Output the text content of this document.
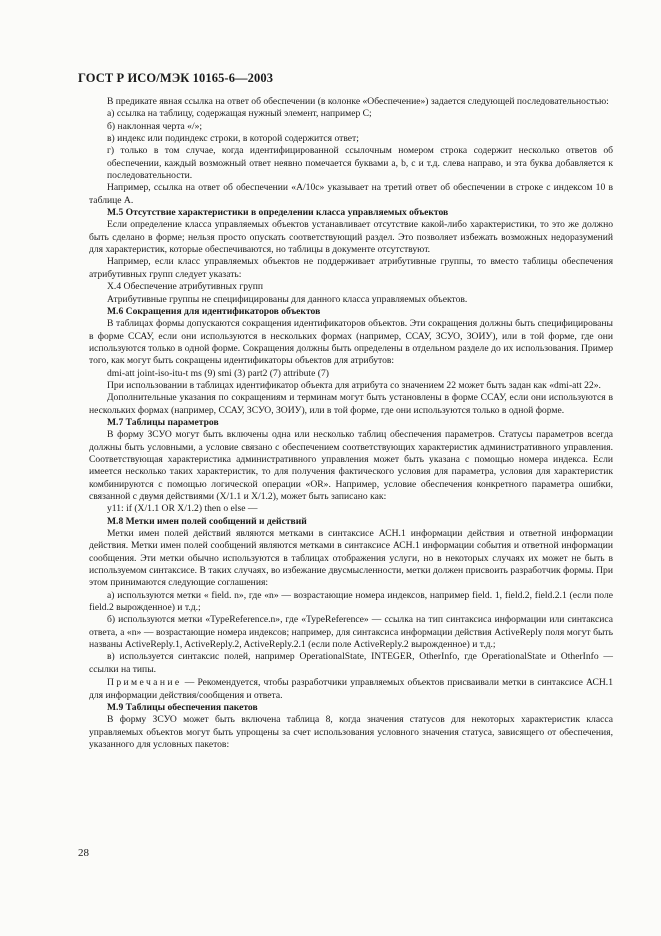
ГОСТ Р ИСО/МЭК 10165-6—2003

В предикате явная ссылка на ответ об обеспечении (в колонке «Обеспечение») задается следующей последовательностью:

а) ссылка на таблицу, содержащая нужный элемент, например С;

б) наклонная черта «/»;

в) индекс или подиндекс строки, в которой содержится ответ;

г) только в том случае, когда идентифицированной ссылочным номером строка содержит несколько ответов об обеспечении, каждый возможный ответ неявно помечается буквами a, b, c и т.д. слева направо, и эта буква добавляется к последовательности.

Например, ссылка на ответ об обеспечении «А/10с» указывает на третий ответ об обеспечении в строке с индексом 10 в таблице А.

М.5 Отсутствие характеристики в определении класса управляемых объектов

Если определение класса управляемых объектов устанавливает отсутствие какой-либо характеристики, то это же должно быть сделано в форме; нельзя просто опускать соответствующий раздел. Это позволяет избежать возможных недоразумений для характеристик, которые обеспечиваются, но таблицы в документе отсутствуют.

Например, если класс управляемых объектов не поддерживает атрибутивные группы, то вместо таблицы обеспечения атрибутивных групп следует указать:

Х.4 Обеспечение атрибутивных групп

Атрибутивные группы не специфицированы для данного класса управляемых объектов.

М.6 Сокращения для идентификаторов объектов

В таблицах формы допускаются сокращения идентификаторов объектов. Эти сокращения должны быть специфицированы в форме ССАУ, если они используются в нескольких формах (например, ССАУ, ЗСУО, ЗОИУ), или в той форме, где они используются только в одной форме. Сокращения должны быть определены в отдельном разделе до их использования. Пример того, как могут быть сокращены идентификаторы объектов для атрибутов:

dmi-att joint-iso-itu-t ms (9) smi (3) part2 (7) attribute (7)

При использовании в таблицах идентификатор объекта для атрибута со значением 22 может быть задан как «dmi-att 22».

Дополнительные указания по сокращениям и терминам могут быть установлены в форме ССАУ, если они используются в нескольких формах (например, ССАУ, ЗСУО, ЗОИУ), или в той форме, где они используются только в одной форме.

М.7 Таблицы параметров

В форму ЗСУО могут быть включены одна или несколько таблиц обеспечения параметров. Статусы параметров всегда должны быть условными, а условие связано с обеспечением соответствующих характеристик административного управления. Соответствующая характеристика административного управления может быть указана с помощью номера индекса. Если имеется несколько таких характеристик, то для получения фактического условия для параметра, условия для характеристик комбинируются с помощью логической операции «OR». Например, условие обеспечения конкретного параметра ошибки, связанной с двумя действиями (Х/1.1 и Х/1.2), может быть записано как:

y11: if (X/1.1 OR X/1.2) then o else —

М.8 Метки имен полей сообщений и действий

Метки имен полей действий являются метками в синтаксисе АСН.1 информации действия и ответной информации действия. Метки имен полей сообщений являются метками в синтаксисе АСН.1 информации события и ответной информации сообщения. Эти метки обычно используются в таблицах отображения услуги, но в некоторых случаях их может не быть в используемом синтаксисе. В таких случаях, во избежание двусмысленности, метки должен присвоить разработчик формы. При этом принимаются следующие соглашения:

а) используются метки « field. n», где «n» — возрастающие номера индексов, например field. 1, field.2, field.2.1 (если поле field.2 вырожденное) и т.д.;

б) используются метки «TypeReference.n», где «TypeReference» — ссылка на тип синтаксиса информации или синтаксиса ответа, а «n» — возрастающие номера индексов; например, для синтаксиса информации действия ActiveReply поля могут быть названы ActiveReply.1, ActiveReply.2, ActiveReply.2.1 (если поле ActiveReply.2 вырожденное) и т.д.;

в) используется синтаксис полей, например OperationalState, INTEGER, OtherInfo, где OperationalState и OtherInfo — ссылки на типы.

Примечание — Рекомендуется, чтобы разработчики управляемых объектов присваивали метки в синтаксисе АСН.1 для информации действия/сообщения и ответа.

М.9 Таблицы обеспечения пакетов

В форму ЗСУО может быть включена таблица 8, когда значения статусов для некоторых характеристик класса управляемых объектов могут быть упрощены за счет использования условного значения статуса, зависящего от обеспечения, указанного для условных пакетов:

28
